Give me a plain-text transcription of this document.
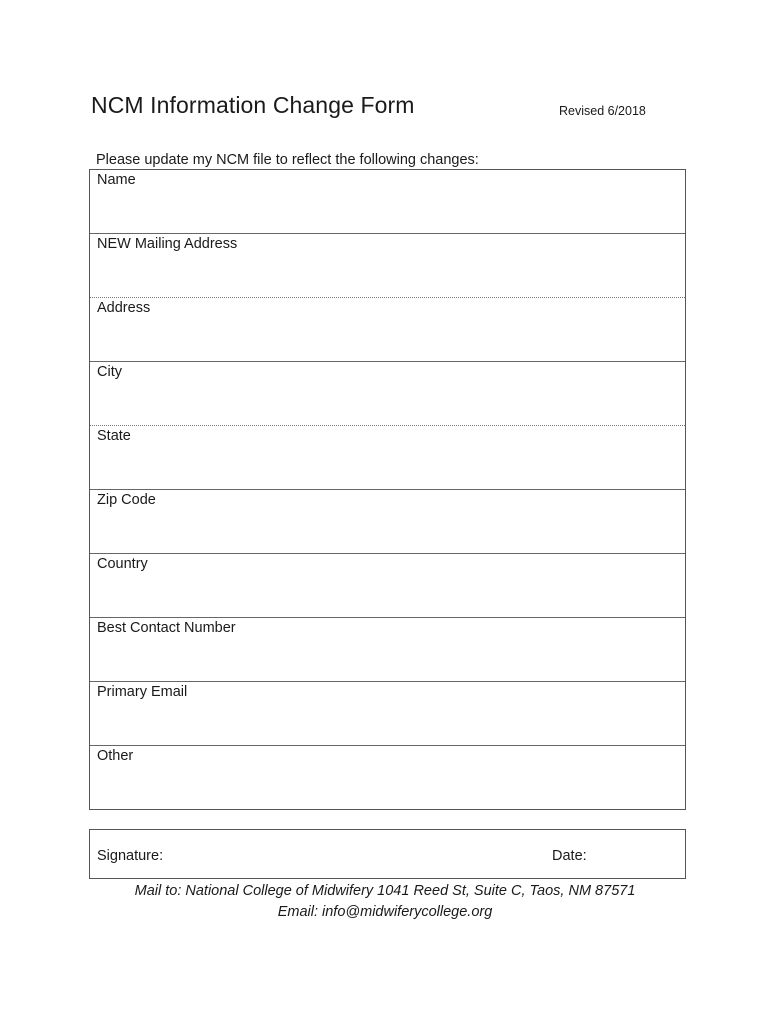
NCM Information Change Form	Revised 6/2018
Please update my NCM file to reflect the following changes:
Name
NEW Mailing Address
Address
City
State
Zip Code
Country
Best Contact Number
Primary Email
Other
Signature:	Date:
Mail to: National College of Midwifery 1041 Reed St, Suite C, Taos, NM 87571
Email: info@midwiferycollege.org
